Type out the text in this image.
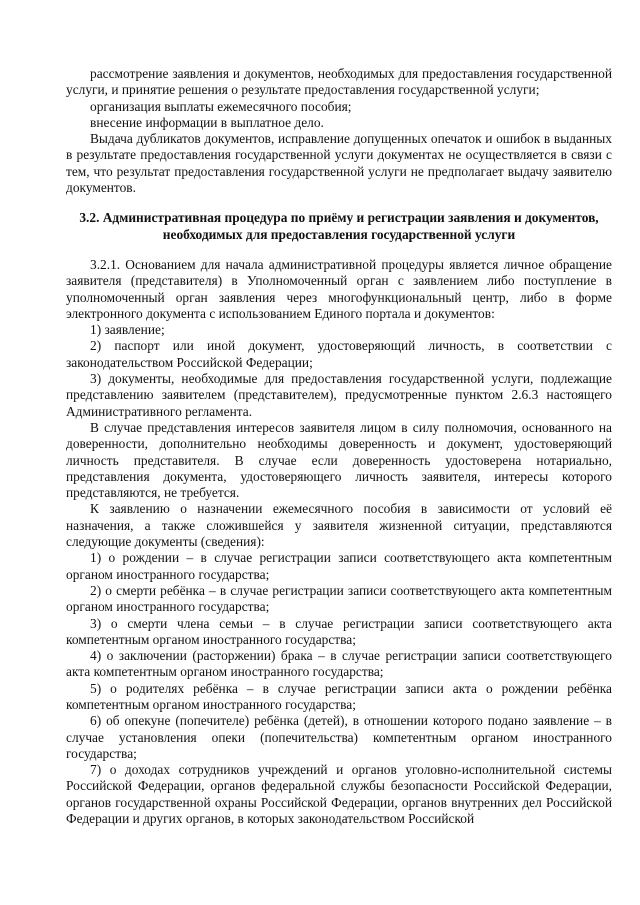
рассмотрение заявления и документов, необходимых для предоставления государственной услуги, и принятие решения о результате предоставления государственной услуги;

организация выплаты ежемесячного пособия;

внесение информации в выплатное дело.

Выдача дубликатов документов, исправление допущенных опечаток и ошибок в выданных в результате предоставления государственной услуги документах не осуществляется в связи с тем, что результат предоставления государственной услуги не предполагает выдачу заявителю документов.

3.2. Административная процедура по приёму и регистрации заявления и документов, необходимых для предоставления государственной услуги

3.2.1. Основанием для начала административной процедуры является личное обращение заявителя (представителя) в Уполномоченный орган с заявлением либо поступление в уполномоченный орган заявления через многофункциональный центр, либо в форме электронного документа с использованием Единого портала и документов:

1) заявление;

2) паспорт или иной документ, удостоверяющий личность, в соответствии с законодательством Российской Федерации;

3) документы, необходимые для предоставления государственной услуги, подлежащие представлению заявителем (представителем), предусмотренные пунктом 2.6.3 настоящего Административного регламента.

В случае представления интересов заявителя лицом в силу полномочия, основанного на доверенности, дополнительно необходимы доверенность и документ, удостоверяющий личность представителя. В случае если доверенность удостоверена нотариально, представления документа, удостоверяющего личность заявителя, интересы которого представляются, не требуется.

К заявлению о назначении ежемесячного пособия в зависимости от условий её назначения, а также сложившейся у заявителя жизненной ситуации, представляются следующие документы (сведения):

1) о рождении – в случае регистрации записи соответствующего акта компетентным органом иностранного государства;

2) о смерти ребёнка – в случае регистрации записи соответствующего акта компетентным органом иностранного государства;

3) о смерти члена семьи – в случае регистрации записи соответствующего акта компетентным органом иностранного государства;

4) о заключении (расторжении) брака – в случае регистрации записи соответствующего акта компетентным органом иностранного государства;

5) о родителях ребёнка – в случае регистрации записи акта о рождении ребёнка компетентным органом иностранного государства;

6) об опекуне (попечителе) ребёнка (детей), в отношении которого подано заявление – в случае установления опеки (попечительства) компетентным органом иностранного государства;

7) о доходах сотрудников учреждений и органов уголовно-исполнительной системы Российской Федерации, органов федеральной службы безопасности Российской Федерации, органов государственной охраны Российской Федерации, органов внутренних дел Российской Федерации и других органов, в которых законодательством Российской
